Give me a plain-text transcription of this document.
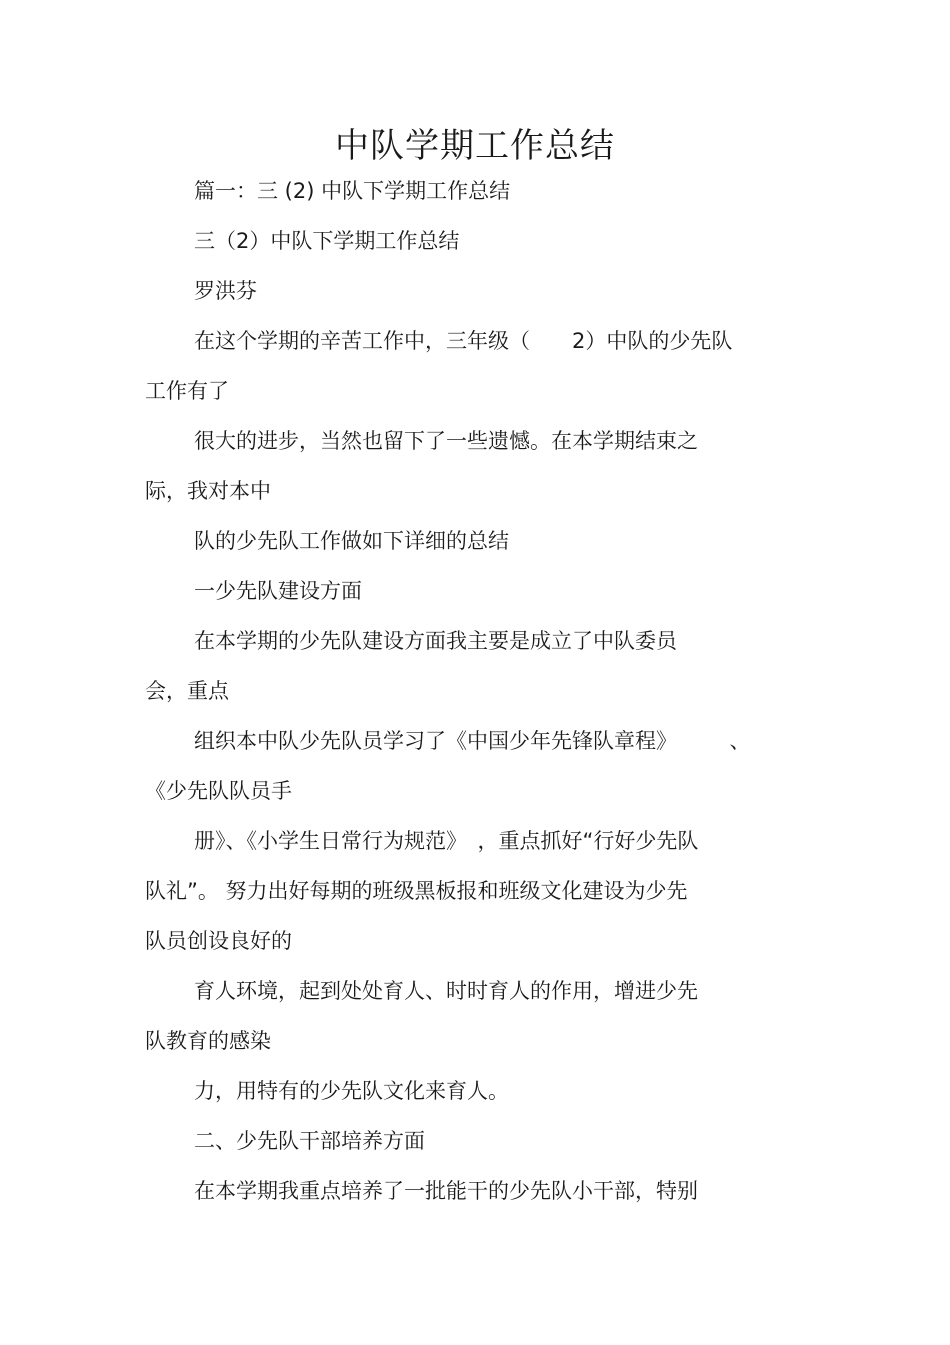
中队学期工作总结
篇一：三 (2) 中队下学期工作总结
三（2）中队下学期工作总结
罗洪芬
在这个学期的辛苦工作中，三年级（　　2）中队的少先队
工作有了
很大的进步，当然也留下了一些遗憾。在本学期结束之
际，我对本中
队的少先队工作做如下详细的总结
一少先队建设方面
在本学期的少先队建设方面我主要是成立了中队委员
会，重点
组织本中队少先队员学习了《中国少年先锋队章程》　　　、
《少先队队员手
册》、《小学生日常行为规范》　，重点抓好“行好少先队
队礼”。 努力出好每期的班级黑板报和班级文化建设为少先
队员创设良好的
育人环境，起到处处育人、时时育人的作用，增进少先
队教育的感染
力，用特有的少先队文化来育人。
二、少先队干部培养方面
在本学期我重点培养了一批能干的少先队小干部，特别
